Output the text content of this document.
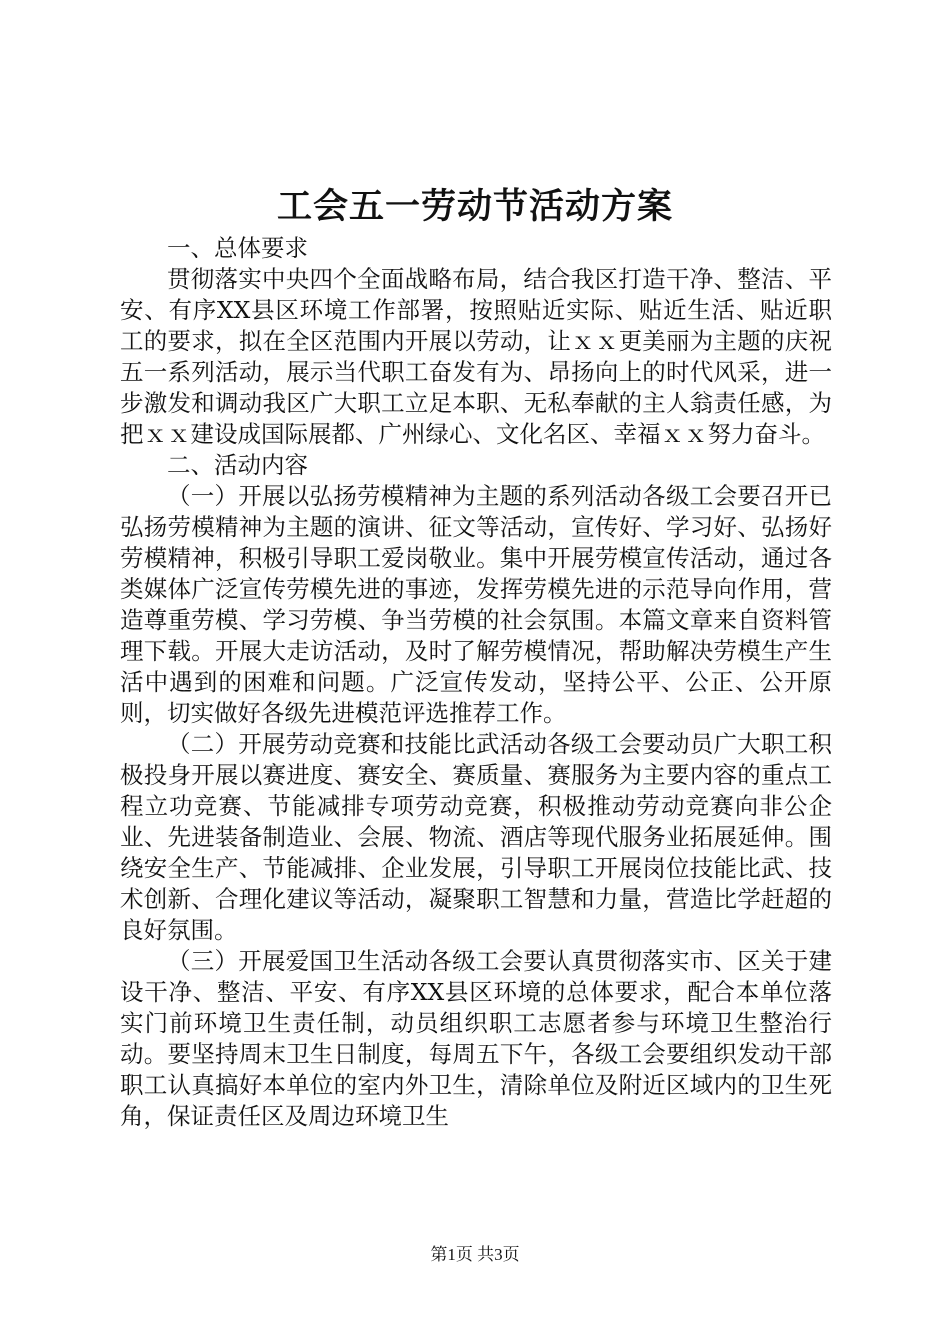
工会五一劳动节活动方案

一、总体要求

贯彻落实中央四个全面战略布局，结合我区打造干净、整洁、平安、有序XX县区环境工作部署，按照贴近实际、贴近生活、贴近职工的要求，拟在全区范围内开展以劳动，让ｘｘ更美丽为主题的庆祝五一系列活动，展示当代职工奋发有为、昂扬向上的时代风采，进一步激发和调动我区广大职工立足本职、无私奉献的主人翁责任感，为把ｘｘ建设成国际展都、广州绿心、文化名区、幸福ｘｘ努力奋斗。

二、活动内容

（一）开展以弘扬劳模精神为主题的系列活动各级工会要召开已弘扬劳模精神为主题的演讲、征文等活动，宣传好、学习好、弘扬好劳模精神，积极引导职工爱岗敬业。集中开展劳模宣传活动，通过各类媒体广泛宣传劳模先进的事迹，发挥劳模先进的示范导向作用，营造尊重劳模、学习劳模、争当劳模的社会氛围。本篇文章来自资料管理下载。开展大走访活动，及时了解劳模情况，帮助解决劳模生产生活中遇到的困难和问题。广泛宣传发动，坚持公平、公正、公开原则，切实做好各级先进模范评选推荐工作。

（二）开展劳动竞赛和技能比武活动各级工会要动员广大职工积极投身开展以赛进度、赛安全、赛质量、赛服务为主要内容的重点工程立功竞赛、节能减排专项劳动竞赛，积极推动劳动竞赛向非公企业、先进装备制造业、会展、物流、酒店等现代服务业拓展延伸。围绕安全生产、节能减排、企业发展，引导职工开展岗位技能比武、技术创新、合理化建议等活动，凝聚职工智慧和力量，营造比学赶超的良好氛围。

（三）开展爱国卫生活动各级工会要认真贯彻落实市、区关于建设干净、整洁、平安、有序XX县区环境的总体要求，配合本单位落实门前环境卫生责任制，动员组织职工志愿者参与环境卫生整治行动。要坚持周末卫生日制度，每周五下午，各级工会要组织发动干部职工认真搞好本单位的室内外卫生，清除单位及附近区域内的卫生死角，保证责任区及周边环境卫生

第1页 共3页
